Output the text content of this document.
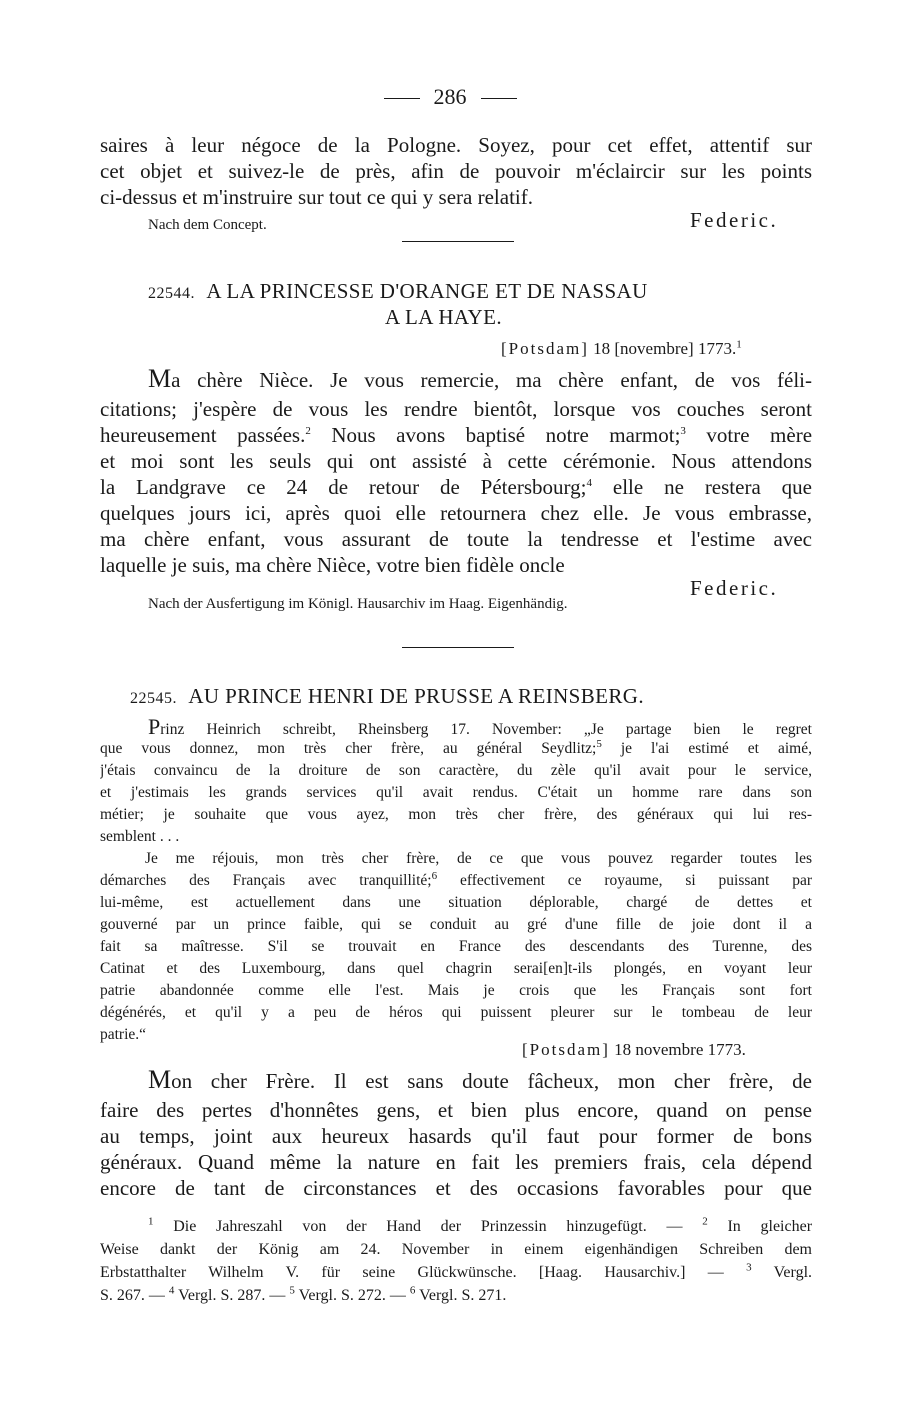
286
saires à leur négoce de la Pologne. Soyez, pour cet effet, attentif sur
cet objet et suivez-le de près, afin de pouvoir m'éclaircir sur les points
ci-dessus et m'instruire sur tout ce qui y sera relatif.
Nach dem Concept.	Federic.
22544. A LA PRINCESSE D'ORANGE ET DE NASSAU
A LA HAYE.
[Potsdam] 18 [novembre] 1773.$^1$
Ma chère Nièce. Je vous remercie, ma chère enfant, de vos féli-
citations; j'espère de vous les rendre bientôt, lorsque vos couches seront
heureusement passées.$^2$ Nous avons baptisé notre marmot;$^3$ votre mère
et moi sont les seuls qui ont assisté à cette cérémonie. Nous attendons
la Landgrave ce 24 de retour de Pétersbourg;$^4$ elle ne restera que
quelques jours ici, après quoi elle retournera chez elle. Je vous embrasse,
ma chère enfant, vous assurant de toute la tendresse et l'estime avec
laquelle je suis, ma chère Nièce, votre bien fidèle oncle
Federic.
Nach der Ausfertigung im Königl. Hausarchiv im Haag. Eigenhändig.
22545. AU PRINCE HENRI DE PRUSSE A REINSBERG.
Prinz Heinrich schreibt, Rheinsberg 17. November: „Je partage bien le regret
que vous donnez, mon très cher frère, au général Seydlitz;$^5$ je l'ai estimé et aimé,
j'étais convaincu de la droiture de son caractère, du zèle qu'il avait pour le service,
et j'estimais les grands services qu'il avait rendus. C'était un homme rare dans son
métier; je souhaite que vous ayez, mon très cher frère, des généraux qui lui res-
semblent . . .
Je me réjouis, mon très cher frère, de ce que vous pouvez regarder toutes les
démarches des Français avec tranquillité;$^6$ effectivement ce royaume, si puissant par
lui-même, est actuellement dans une situation déplorable, chargé de dettes et
gouverné par un prince faible, qui se conduit au gré d'une fille de joie dont il a
fait sa maîtresse. S'il se trouvait en France des descendants des Turenne, des
Catinat et des Luxembourg, dans quel chagrin serai[en]t-ils plongés, en voyant leur
patrie abandonnée comme elle l'est. Mais je crois que les Français sont fort
dégénérés, et qu'il y a peu de héros qui puissent pleurer sur le tombeau de leur
patrie.“
[Potsdam] 18 novembre 1773.
Mon cher Frère. Il est sans doute fâcheux, mon cher frère, de
faire des pertes d'honnêtes gens, et bien plus encore, quand on pense
au temps, joint aux heureux hasards qu'il faut pour former de bons
généraux. Quand même la nature en fait les premiers frais, cela dépend
encore de tant de circonstances et des occasions favorables pour que
$^1$ Die Jahreszahl von der Hand der Prinzessin hinzugefügt. — $^2$ In gleicher
Weise dankt der König am 24. November in einem eigenhändigen Schreiben dem
Erbstatthalter Wilhelm V. für seine Glückwünsche. [Haag. Hausarchiv.] — $^3$ Vergl.
S. 267. — $^4$ Vergl. S. 287. — $^5$ Vergl. S. 272. — $^6$ Vergl. S. 271.
